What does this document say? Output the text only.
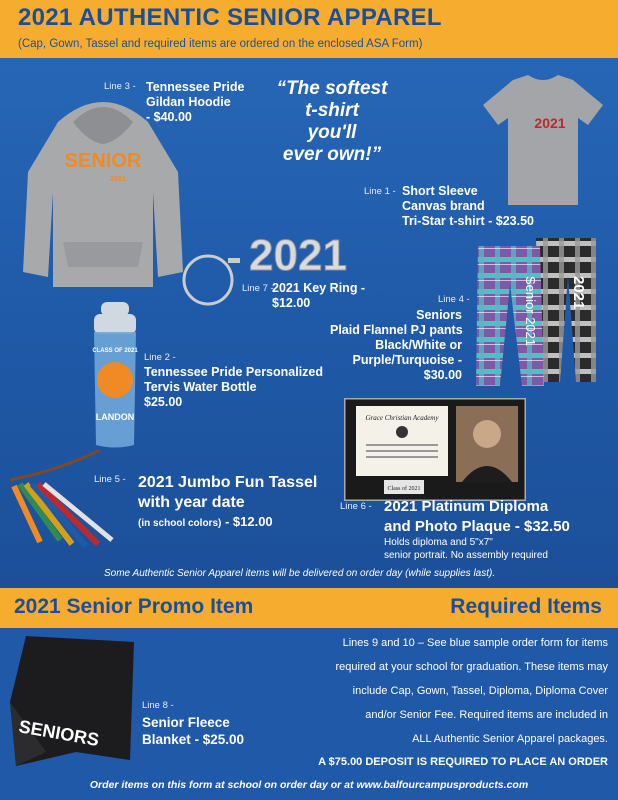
2021 AUTHENTIC SENIOR APPAREL
(Cap, Gown, Tassel and required items are ordered on the enclosed ASA Form)
SENIOR
2021
Line 3 - Tennessee Pride
Gildan Hoodie
- $40.00
“The softest
t-shirt
you'll
ever own!”
2021
Line 1 - Short Sleeve
Canvas brand
Tri-Star t-shirt - $23.50
2021
Line 7 -
2021 Key Ring -
$12.00	Senior 2021 2021
Line 4 -
Seniors
Plaid Flannel PJ pants
Black/White or
Purple/Turquoise -
$30.00
CLASS OF 2021
LANDON
Line 2 -
Tennessee Pride Personalized
Tervis Water Bottle
$25.00
Grace Christian Academy
Class of 2021
Line 5 - 2021 Jumbo Fun Tassel
with year date
(in school colors) - $12.00
Line 6 - 2021 Platinum Diploma
and Photo Plaque - $32.50
Holds diploma and 5"x7"
senior portrait. No assembly required
Some Authentic Senior Apparel items will be delivered on order day (while supplies last).
2021 Senior Promo Item	Required Items
SENIORS
Line 8 -
Senior Fleece
Blanket - $25.00
Lines 9 and 10 – See blue sample order form for items
required at your school for graduation. These items may
include Cap, Gown, Tassel, Diploma, Diploma Cover
and/or Senior Fee. Required items are included in
ALL Authentic Senior Apparel packages.
A $75.00 DEPOSIT IS REQUIRED TO PLACE AN ORDER
Order items on this form at school on order day or at www.balfourcampusproducts.com
